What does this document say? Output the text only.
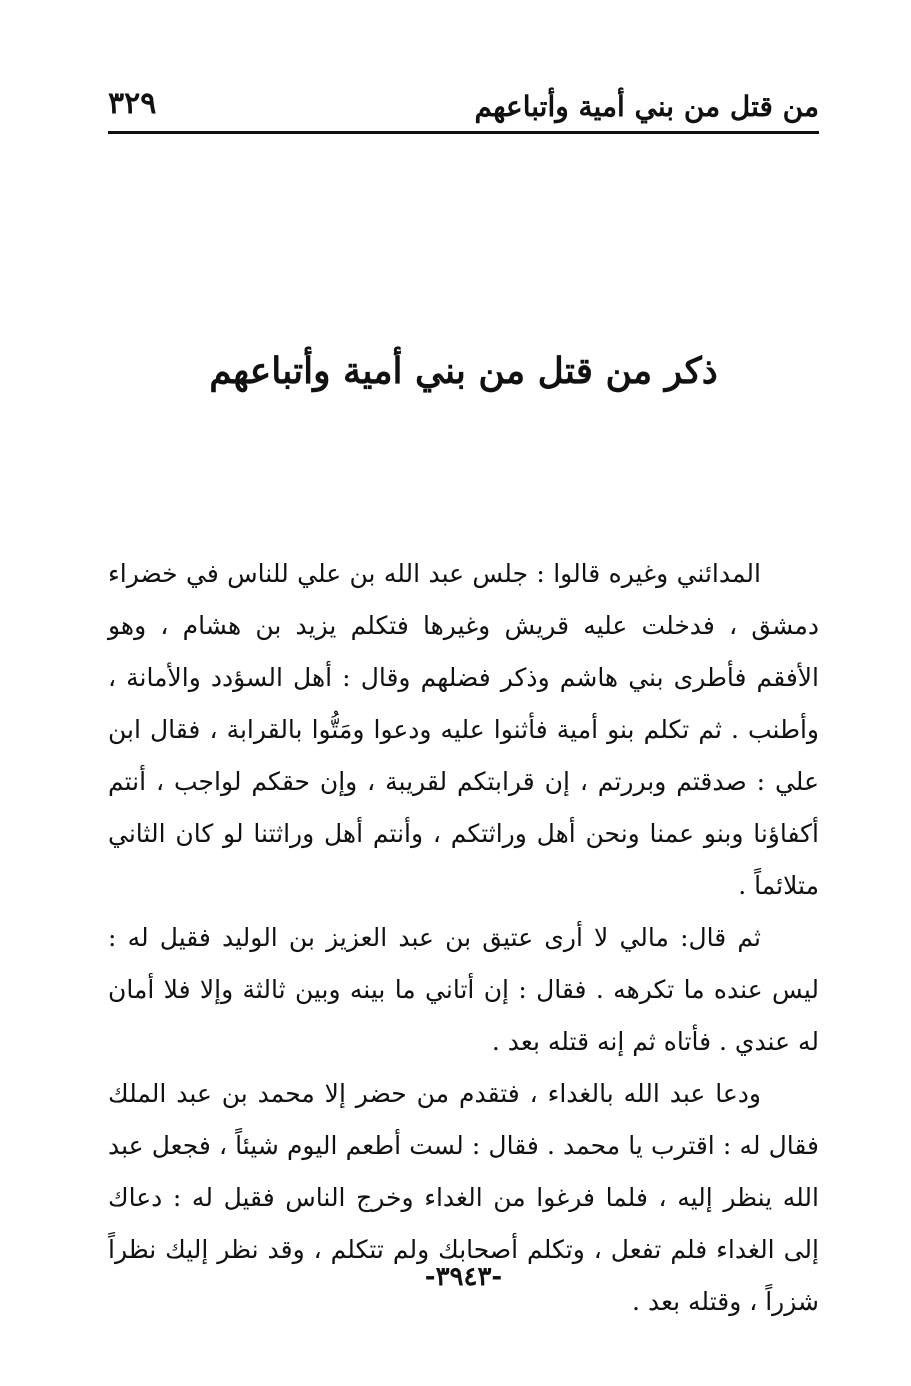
من قتل من بني أمية وأتباعهم
٣٢٩
ذكر من قتل من بني أمية وأتباعهم

المدائني وغيره قالوا : جلس عبد الله بن علي للناس في خضراء دمشق ، فدخلت عليه قريش وغيرها فتكلم يزيد بن هشام ، وهو الأفقم فأطرى بني هاشم وذكر فضلهم وقال : أهل السؤدد والأمانة ، وأطنب . ثم تكلم بنو أمية فأثنوا عليه ودعوا ومَتُّوا بالقرابة ، فقال ابن علي : صدقتم وبررتم ، إن قرابتكم لقريبة ، وإن حقكم لواجب ، أنتم أكفاؤنا وبنو عمنا ونحن أهل وراثتكم ، وأنتم أهل وراثتنا لو كان الثاني متلائماً .

ثم قال: مالي لا أرى عتيق بن عبد العزيز بن الوليد فقيل له : ليس عنده ما تكرهه . فقال : إن أتاني ما بينه وبين ثالثة وإلا فلا أمان له عندي . فأتاه ثم إنه قتله بعد .

ودعا عبد الله بالغداء ، فتقدم من حضر إلا محمد بن عبد الملك فقال له : اقترب يا محمد . فقال : لست أطعم اليوم شيئاً ، فجعل عبد الله ينظر إليه ، فلما فرغوا من الغداء وخرج الناس فقيل له : دعاك إلى الغداء فلم تفعل ، وتكلم أصحابك ولم تتكلم ، وقد نظر إليك نظراً شزراً ، وقتله بعد .

-٣٩٤٣-
